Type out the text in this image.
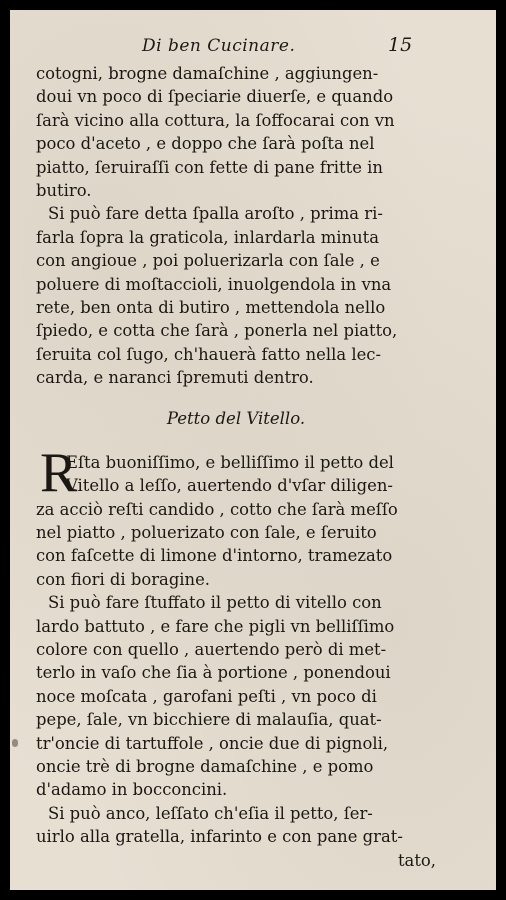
Di ben Cucinare.	15
cotogni, brogne damaſchine , aggiungen-
doui vn poco di ſpeciarie diuerſe, e quando
ſarà vicino alla cottura, la ſoffocarai con vn
poco d'aceto , e doppo che ſarà poſta nel
piatto, ſeruiraſſi con fette di pane fritte in
butiro.
Si può fare detta ſpalla aroſto , prima ri-
farla ſopra la graticola, inlardarla minuta
con angioue , poi poluerizarla con ſale , e
poluere di moſtaccioli, inuolgendola in vna
rete, ben onta di butiro , mettendola nello
ſpiedo, e cotta che ſarà , ponerla nel piatto,
ſeruita col ſugo, ch'hauerà fatto nella lec-
carda, e naranci ſpremuti dentro.
Petto del Vitello.
R
Eſta buoniſſimo, e belliſſimo il petto del
Vitello a leſſo, auertendo d'vſar diligen-
za acciò reſti candido , cotto che ſarà meſſo
nel piatto , poluerizato con ſale, e ſeruito
con faſcette di limone d'intorno, tramezato
con fiori di boragine.
Si può fare ſtuffato il petto di vitello con
lardo battuto , e fare che pigli vn belliſſimo
colore con quello , auertendo però di met-
terlo in vaſo che ſia à portione , ponendoui
noce moſcata , garofani peſti , vn poco di
pepe, ſale, vn bicchiere di malauſia, quat-
tr'oncie di tartuffole , oncie due di pignoli,
oncie trè di brogne damaſchine , e pomo
d'adamo in bocconcini.
Si può anco, leſſato ch'eſia il petto, ſer-
uirlo alla gratella, infarinto e con pane grat-
tato,
